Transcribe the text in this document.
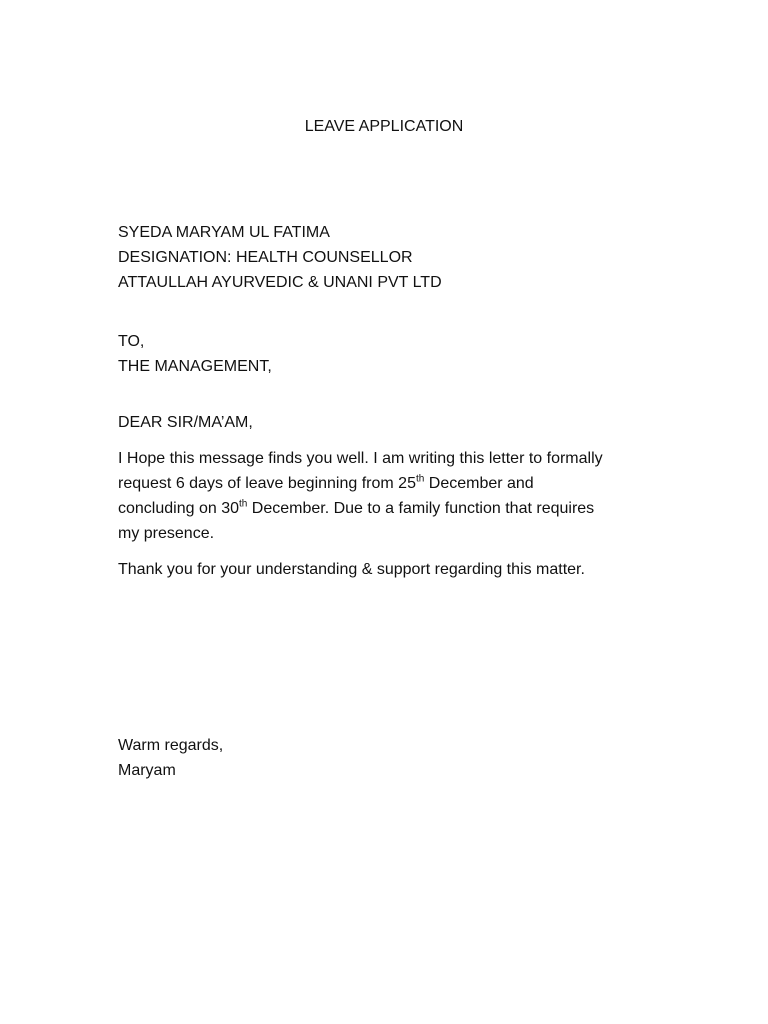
LEAVE APPLICATION
SYEDA MARYAM UL FATIMA
DESIGNATION: HEALTH COUNSELLOR
ATTAULLAH AYURVEDIC & UNANI PVT LTD
TO,
THE MANAGEMENT,
DEAR SIR/MA’AM,
I Hope this message finds you well. I am writing this letter to formally
request 6 days of leave beginning from 25th December and
concluding on 30th December. Due to a family function that requires
my presence.
Thank you for your understanding & support regarding this matter.
Warm regards,
Maryam
